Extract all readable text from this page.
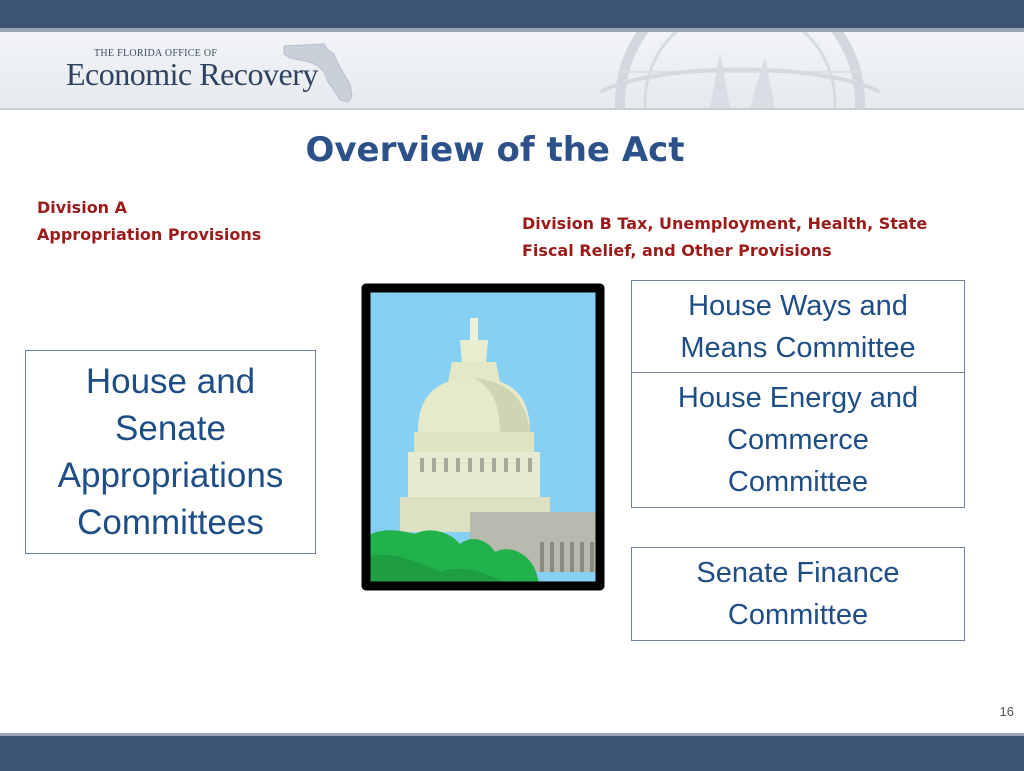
THE FLORIDA OFFICE OF
Economic Recovery
Overview of the Act
Division A
Appropriation Provisions
Division B Tax, Unemployment, Health, State
Fiscal Relief, and Other Provisions
House and
Senate
Appropriations
Committees
House Ways and
Means Committee
House Energy and
Commerce
Committee
Senate Finance
Committee
16
